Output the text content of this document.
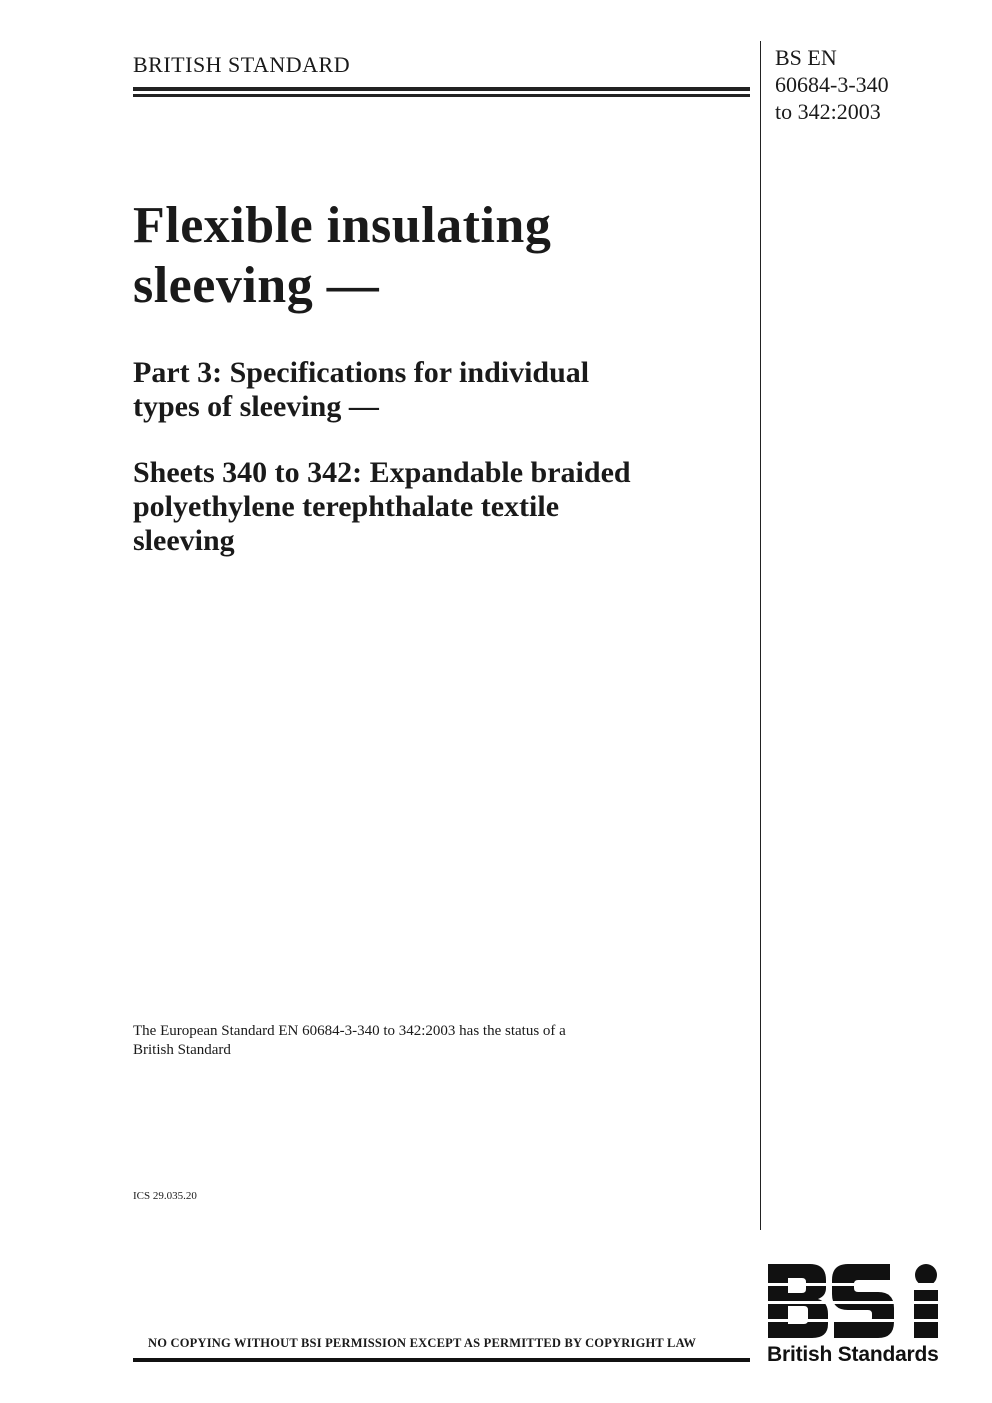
BRITISH STANDARD	BS EN
60684-3-340
to 342:2003
Flexible insulating
sleeving —
Part 3: Specifications for individual
types of sleeving —
Sheets 340 to 342: Expandable braided
polyethylene terephthalate textile
sleeving
The European Standard EN 60684-3-340 to 342:2003 has the status of a
British Standard
ICS 29.035.20
NO COPYING WITHOUT BSI PERMISSION EXCEPT AS PERMITTED BY COPYRIGHT LAW	British Standards
